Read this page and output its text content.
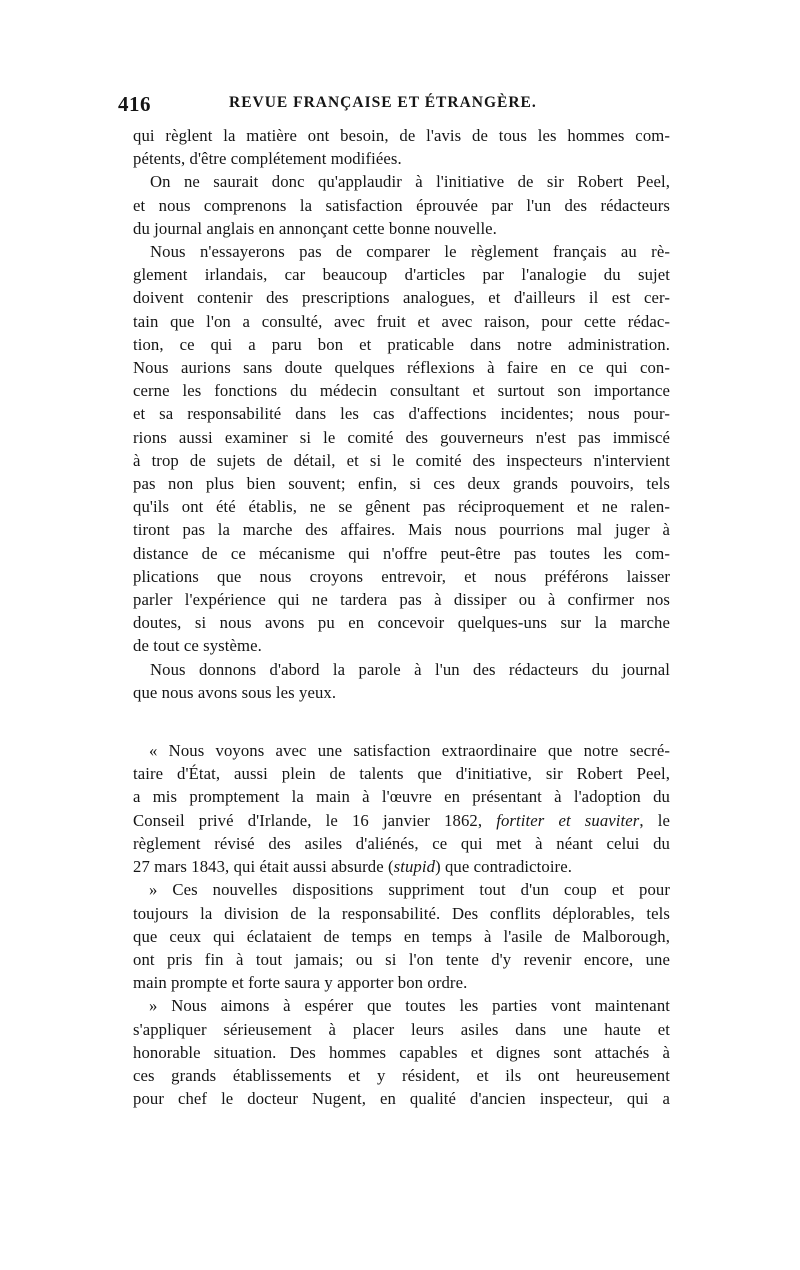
416	REVUE FRANÇAISE ET ÉTRANGÈRE.

qui règlent la matière ont besoin, de l'avis de tous les hommes com-
pétents, d'être complétement modifiées.

On ne saurait donc qu'applaudir à l'initiative de sir Robert Peel,
et nous comprenons la satisfaction éprouvée par l'un des rédacteurs
du journal anglais en annonçant cette bonne nouvelle.

Nous n'essayerons pas de comparer le règlement français au rè-
glement irlandais, car beaucoup d'articles par l'analogie du sujet
doivent contenir des prescriptions analogues, et d'ailleurs il est cer-
tain que l'on a consulté, avec fruit et avec raison, pour cette rédac-
tion, ce qui a paru bon et praticable dans notre administration.
Nous aurions sans doute quelques réflexions à faire en ce qui con-
cerne les fonctions du médecin consultant et surtout son importance
et sa responsabilité dans les cas d'affections incidentes; nous pour-
rions aussi examiner si le comité des gouverneurs n'est pas immiscé
à trop de sujets de détail, et si le comité des inspecteurs n'intervient
pas non plus bien souvent; enfin, si ces deux grands pouvoirs, tels
qu'ils ont été établis, ne se gênent pas réciproquement et ne ralen-
tiront pas la marche des affaires. Mais nous pourrions mal juger à
distance de ce mécanisme qui n'offre peut-être pas toutes les com-
plications que nous croyons entrevoir, et nous préférons laisser
parler l'expérience qui ne tardera pas à dissiper ou à confirmer nos
doutes, si nous avons pu en concevoir quelques-uns sur la marche
de tout ce système.

Nous donnons d'abord la parole à l'un des rédacteurs du journal
que nous avons sous les yeux.

« Nous voyons avec une satisfaction extraordinaire que notre secré-
taire d'État, aussi plein de talents que d'initiative, sir Robert Peel,
a mis promptement la main à l'œuvre en présentant à l'adoption du
Conseil privé d'Irlande, le 16 janvier 1862, fortiter et suaviter, le
règlement révisé des asiles d'aliénés, ce qui met à néant celui du
27 mars 1843, qui était aussi absurde (stupid) que contradictoire.

» Ces nouvelles dispositions suppriment tout d'un coup et pour
toujours la division de la responsabilité. Des conflits déplorables, tels
que ceux qui éclataient de temps en temps à l'asile de Malborough,
ont pris fin à tout jamais; ou si l'on tente d'y revenir encore, une
main prompte et forte saura y apporter bon ordre.

» Nous aimons à espérer que toutes les parties vont maintenant
s'appliquer sérieusement à placer leurs asiles dans une haute et
honorable situation. Des hommes capables et dignes sont attachés à
ces grands établissements et y résident, et ils ont heureusement
pour chef le docteur Nugent, en qualité d'ancien inspecteur, qui a
